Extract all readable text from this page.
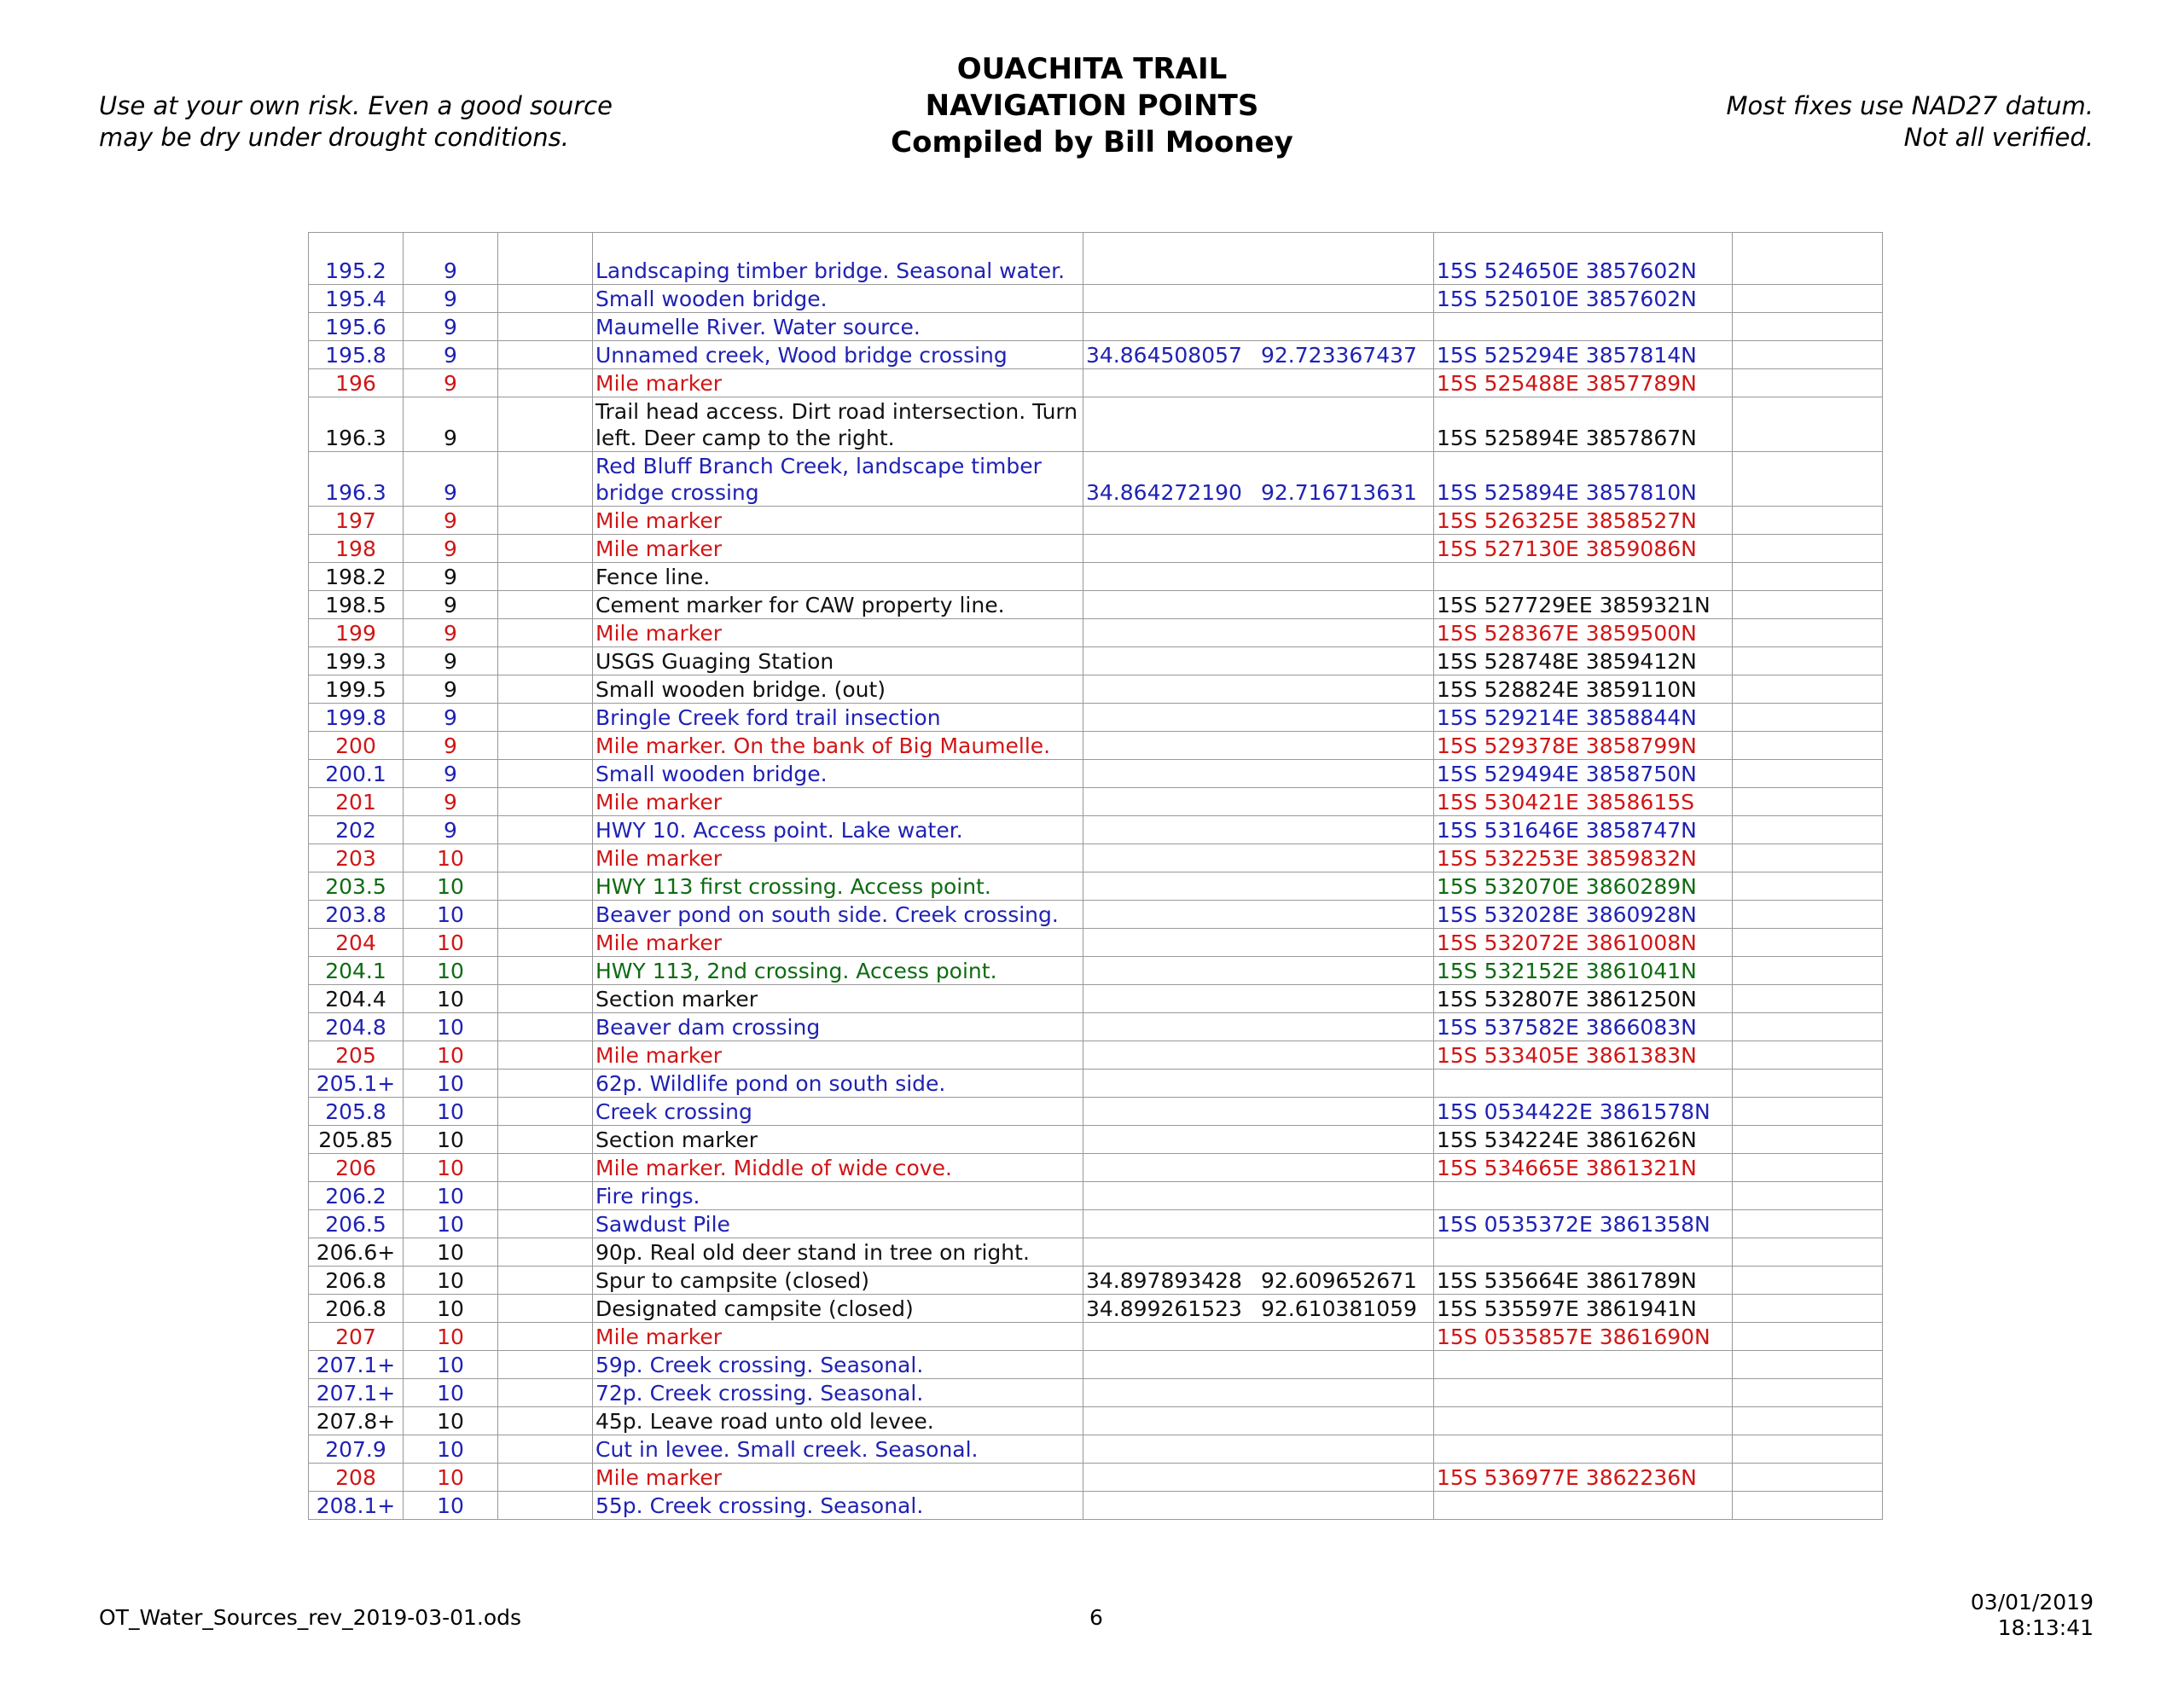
Use at your own risk. Even a good source
may be dry under drought conditions.
OUACHITA TRAIL
NAVIGATION POINTS
Compiled by Bill Mooney
Most fixes use NAD27 datum.
Not all verified.
195.2	9		Landscaping timber bridge. Seasonal water.		15S 524650E 3857602N	
195.4	9		Small wooden bridge.		15S 525010E 3857602N	
195.6	9		Maumelle River. Water source.			
195.8	9		Unnamed creek, Wood bridge crossing	34.864508057 92.723367437	15S 525294E 3857814N	
196	9		Mile marker		15S 525488E 3857789N	
196.3	9		Trail head access. Dirt road intersection. Turn left. Deer camp to the right.		15S 525894E 3857867N	
196.3	9		Red Bluff Branch Creek, landscape timber bridge crossing	34.864272190 92.716713631	15S 525894E 3857810N	
197	9		Mile marker		15S 526325E 3858527N	
198	9		Mile marker		15S 527130E 3859086N	
198.2	9		Fence line.			
198.5	9		Cement marker for CAW property line.		15S 527729EE 3859321N	
199	9		Mile marker		15S 528367E 3859500N	
199.3	9		USGS Guaging Station		15S 528748E 3859412N	
199.5	9		Small wooden bridge. (out)		15S 528824E 3859110N	
199.8	9		Bringle Creek ford trail insection		15S 529214E 3858844N	
200	9		Mile marker. On the bank of Big Maumelle.		15S 529378E 3858799N	
200.1	9		Small wooden bridge.		15S 529494E 3858750N	
201	9		Mile marker		15S 530421E 3858615S	
202	9		HWY 10. Access point. Lake water.		15S 531646E 3858747N	
203	10		Mile marker		15S 532253E 3859832N	
203.5	10		HWY 113 first crossing. Access point.		15S 532070E 3860289N	
203.8	10		Beaver pond on south side. Creek crossing.		15S 532028E 3860928N	
204	10		Mile marker		15S 532072E 3861008N	
204.1	10		HWY 113, 2nd crossing. Access point.		15S 532152E 3861041N	
204.4	10		Section marker		15S 532807E 3861250N	
204.8	10		Beaver dam crossing		15S 537582E 3866083N	
205	10		Mile marker		15S 533405E 3861383N	
205.1+	10		62p. Wildlife pond on south side.			
205.8	10		Creek crossing		15S 0534422E 3861578N	
205.85	10		Section marker		15S 534224E 3861626N	
206	10		Mile marker. Middle of wide cove.		15S 534665E 3861321N	
206.2	10		Fire rings.			
206.5	10		Sawdust Pile		15S 0535372E 3861358N	
206.6+	10		90p. Real old deer stand in tree on right.			
206.8	10		Spur to campsite (closed)	34.897893428 92.609652671	15S 535664E 3861789N	
206.8	10		Designated campsite (closed)	34.899261523 92.610381059	15S 535597E 3861941N	
207	10		Mile marker		15S 0535857E 3861690N	
207.1+	10		59p. Creek crossing. Seasonal.			
207.1+	10		72p. Creek crossing. Seasonal.			
207.8+	10		45p. Leave road unto old levee.			
207.9	10		Cut in levee. Small creek. Seasonal.			
208	10		Mile marker		15S 536977E 3862236N	
208.1+	10		55p. Creek crossing. Seasonal.			
OT_Water_Sources_rev_2019-03-01.ods	6
03/01/2019
18:13:41
